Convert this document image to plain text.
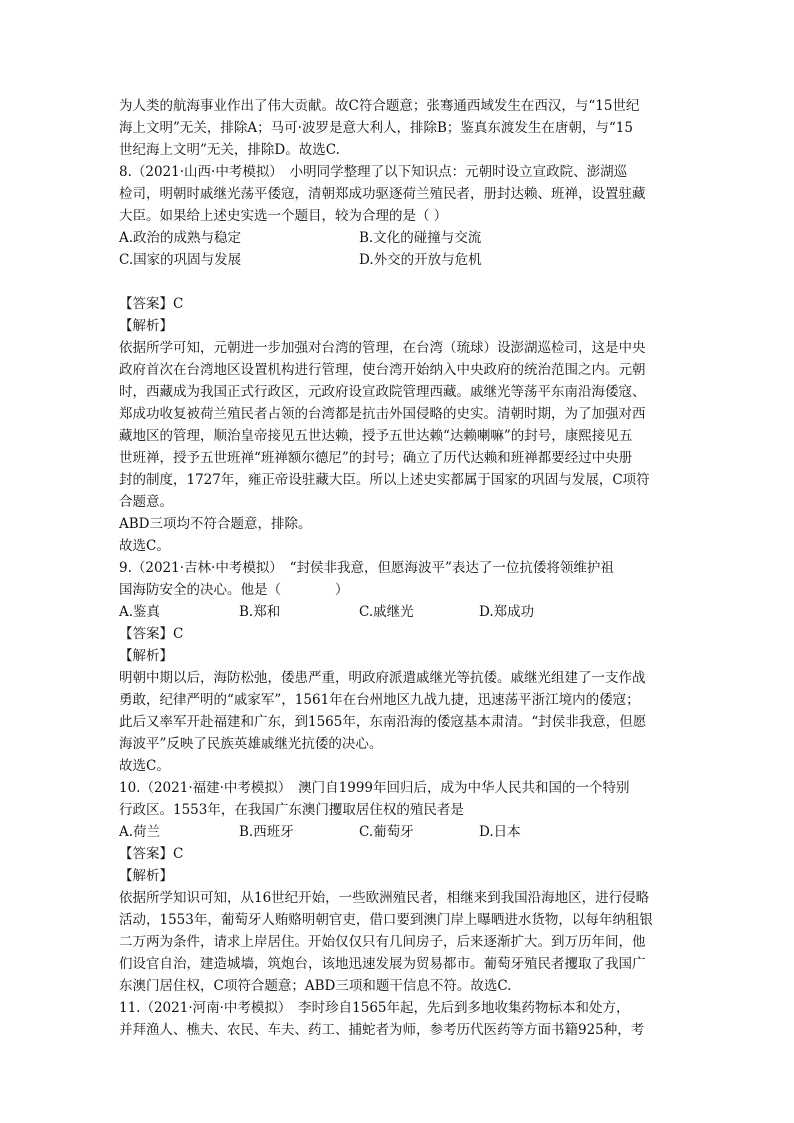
为人类的航海事业作出了伟大贡献。故C符合题意；张骞通西域发生在西汉，与“15世纪

海上文明”无关，排除A；马可·波罗是意大利人，排除B；鉴真东渡发生在唐朝，与“15

世纪海上文明”无关，排除D。故选C.

8.（2021·山西·中考模拟）　小明同学整理了以下知识点：元朝时设立宣政院、澎湖巡

检司，明朝时戚继光荡平倭寇，清朝郑成功驱逐荷兰殖民者，册封达赖、班禅，设置驻藏

大臣。如果给上述史实选一个题目，较为合理的是（ ）

A.政治的成熟与稳定	B.文化的碰撞与交流

C.国家的巩固与发展	D.外交的开放与危机

【答案】C

【解析】

依据所学可知，元朝进一步加强对台湾的管理，在台湾（琉球）设澎湖巡检司，这是中央

政府首次在台湾地区设置机构进行管理，使台湾开始纳入中央政府的统治范围之内。元朝

时，西藏成为我国正式行政区，元政府设宣政院管理西藏。戚继光等荡平东南沿海倭寇、

郑成功收复被荷兰殖民者占领的台湾都是抗击外国侵略的史实。清朝时期，为了加强对西

藏地区的管理，顺治皇帝接见五世达赖，授予五世达赖“达赖喇嘛”的封号，康熙接见五

世班禅，授予五世班禅“班禅额尔德尼”的封号；确立了历代达赖和班禅都要经过中央册

封的制度，1727年，雍正帝设驻藏大臣。所以上述史实都属于国家的巩固与发展，C项符

合题意。

ABD三项均不符合题意，排除。

故选C。

9.（2021·吉林·中考模拟）　“封侯非我意，但愿海波平”表达了一位抗倭将领维护祖

国海防安全的决心。他是（　　　　）

A.鉴真	B.郑和	C.戚继光	D.郑成功

【答案】C

【解析】

明朝中期以后，海防松弛，倭患严重，明政府派遣戚继光等抗倭。戚继光组建了一支作战

勇敢，纪律严明的“戚家军”，1561年在台州地区九战九捷，迅速荡平浙江境内的倭寇；

此后又率军开赴福建和广东，到1565年，东南沿海的倭寇基本肃清。“封侯非我意，但愿

海波平”反映了民族英雄戚继光抗倭的决心。

故选C。

10.（2021·福建·中考模拟）　澳门自1999年回归后，成为中华人民共和国的一个特别

行政区。1553年，在我国广东澳门攫取居住权的殖民者是

A.荷兰	B.西班牙	C.葡萄牙	D.日本

【答案】C

【解析】

依据所学知识可知，从16世纪开始，一些欧洲殖民者，相继来到我国沿海地区，进行侵略

活动，1553年，葡萄牙人贿赂明朝官吏，借口要到澳门岸上曝晒进水货物，以每年纳租银

二万两为条件，请求上岸居住。开始仅仅只有几间房子，后来逐渐扩大。到万历年间，他

们设官自治，建造城墙，筑炮台，该地迅速发展为贸易都市。葡萄牙殖民者攫取了我国广

东澳门居住权，C项符合题意；ABD三项和题干信息不符。故选C.

11.（2021·河南·中考模拟）　李时珍自1565年起，先后到多地收集药物标本和处方，

并拜渔人、樵夫、农民、车夫、药工、捕蛇者为师，参考历代医药等方面书籍925种，考
